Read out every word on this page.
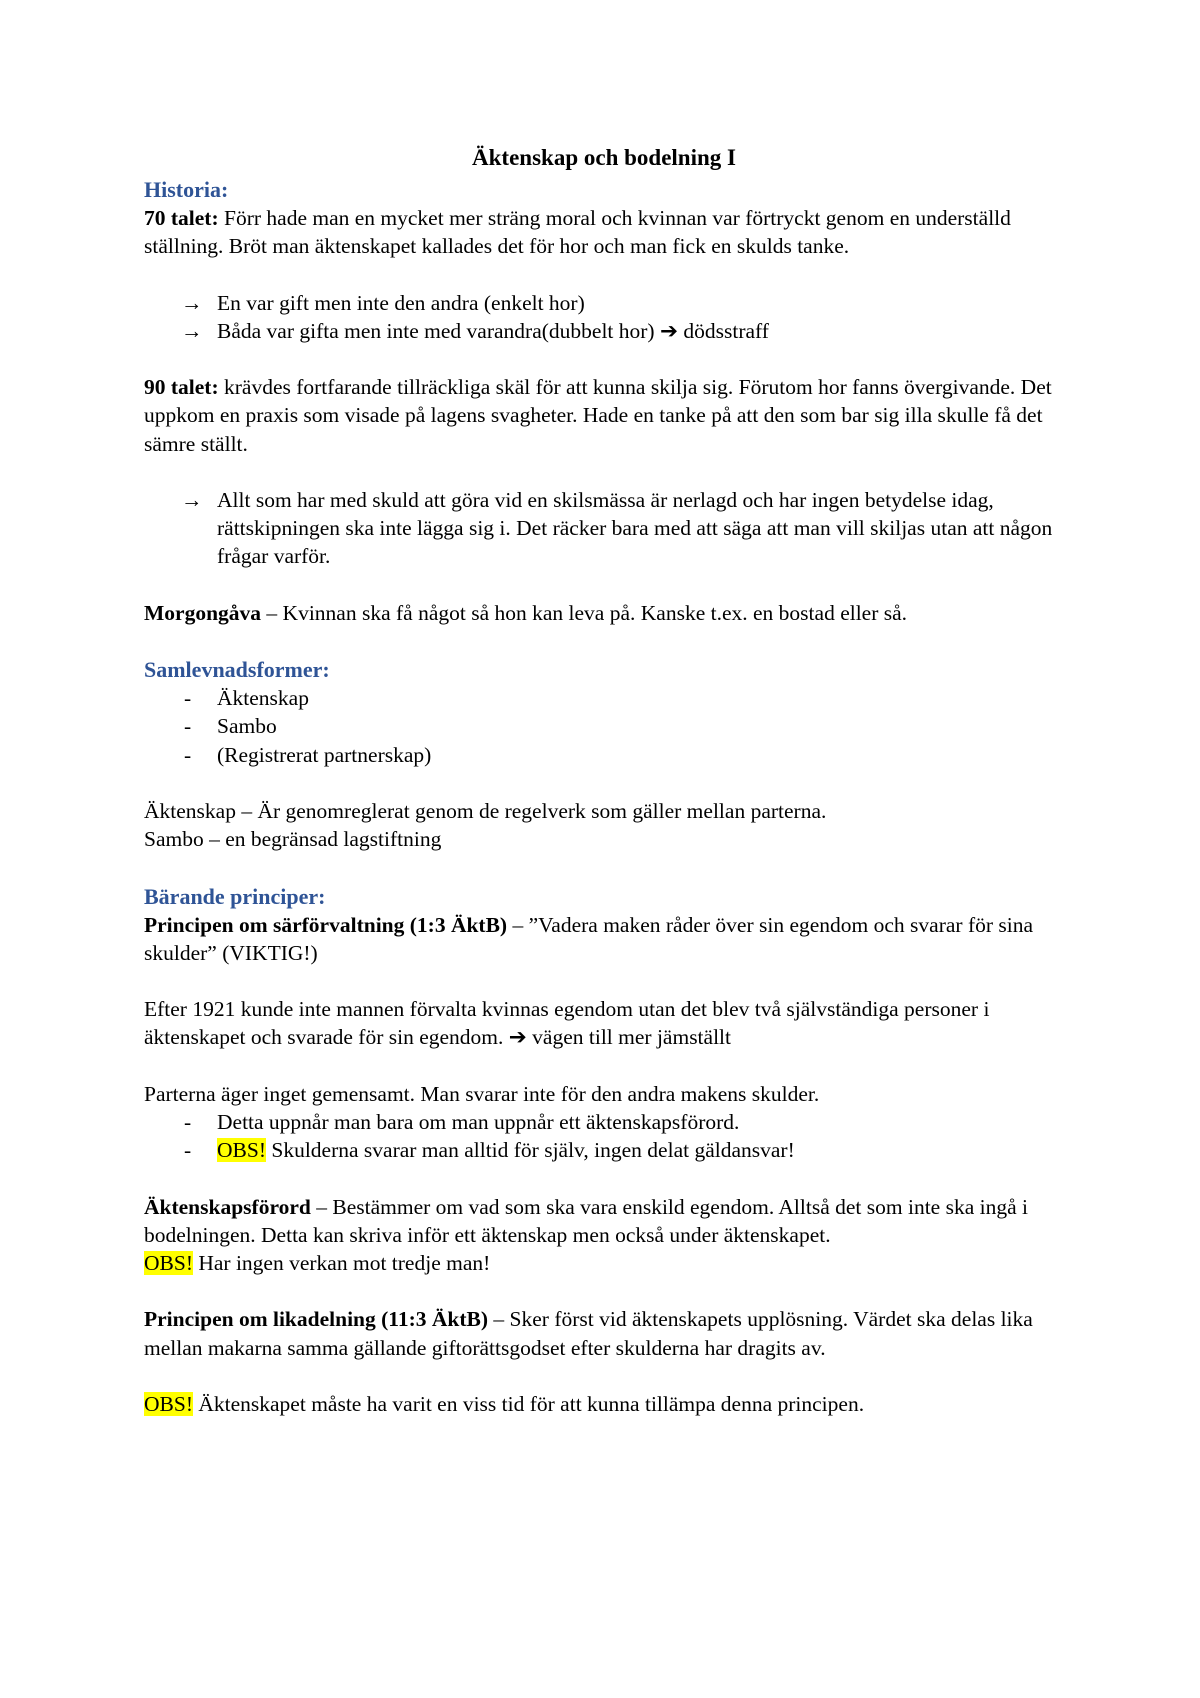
Äktenskap och bodelning I
Historia:

70 talet: Förr hade man en mycket mer sträng moral och kvinnan var förtryckt genom en underställd ställning. Bröt man äktenskapet kallades det för hor och man fick en skulds tanke.

→ En var gift men inte den andra (enkelt hor)
→ Båda var gifta men inte med varandra(dubbelt hor) ➔ dödsstraff

90 talet: krävdes fortfarande tillräckliga skäl för att kunna skilja sig. Förutom hor fanns övergivande. Det uppkom en praxis som visade på lagens svagheter. Hade en tanke på att den som bar sig illa skulle få det sämre ställt.

→ Allt som har med skuld att göra vid en skilsmässa är nerlagd och har ingen betydelse idag, rättskipningen ska inte lägga sig i. Det räcker bara med att säga att man vill skiljas utan att någon frågar varför.

Morgongåva – Kvinnan ska få något så hon kan leva på. Kanske t.ex. en bostad eller så.

Samlevnadsformer:
- Äktenskap
- Sambo
- (Registrerat partnerskap)

Äktenskap – Är genomreglerat genom de regelverk som gäller mellan parterna.

Sambo – en begränsad lagstiftning

Bärande principer:

Principen om särförvaltning (1:3 ÄktB) – ”Vadera maken råder över sin egendom och svarar för sina skulder” (VIKTIG!)

Efter 1921 kunde inte mannen förvalta kvinnas egendom utan det blev två självständiga personer i äktenskapet och svarade för sin egendom. ➔ vägen till mer jämställt

Parterna äger inget gemensamt. Man svarar inte för den andra makens skulder.

- Detta uppnår man bara om man uppnår ett äktenskapsförord.
- OBS! Skulderna svarar man alltid för själv, ingen delat gäldansvar!

Äktenskapsförord – Bestämmer om vad som ska vara enskild egendom. Alltså det som inte ska ingå i bodelningen. Detta kan skriva inför ett äktenskap men också under äktenskapet.
OBS! Har ingen verkan mot tredje man!

Principen om likadelning (11:3 ÄktB) – Sker först vid äktenskapets upplösning. Värdet ska delas lika mellan makarna samma gällande giftorättsgodset efter skulderna har dragits av.

OBS! Äktenskapet måste ha varit en viss tid för att kunna tillämpa denna principen.
